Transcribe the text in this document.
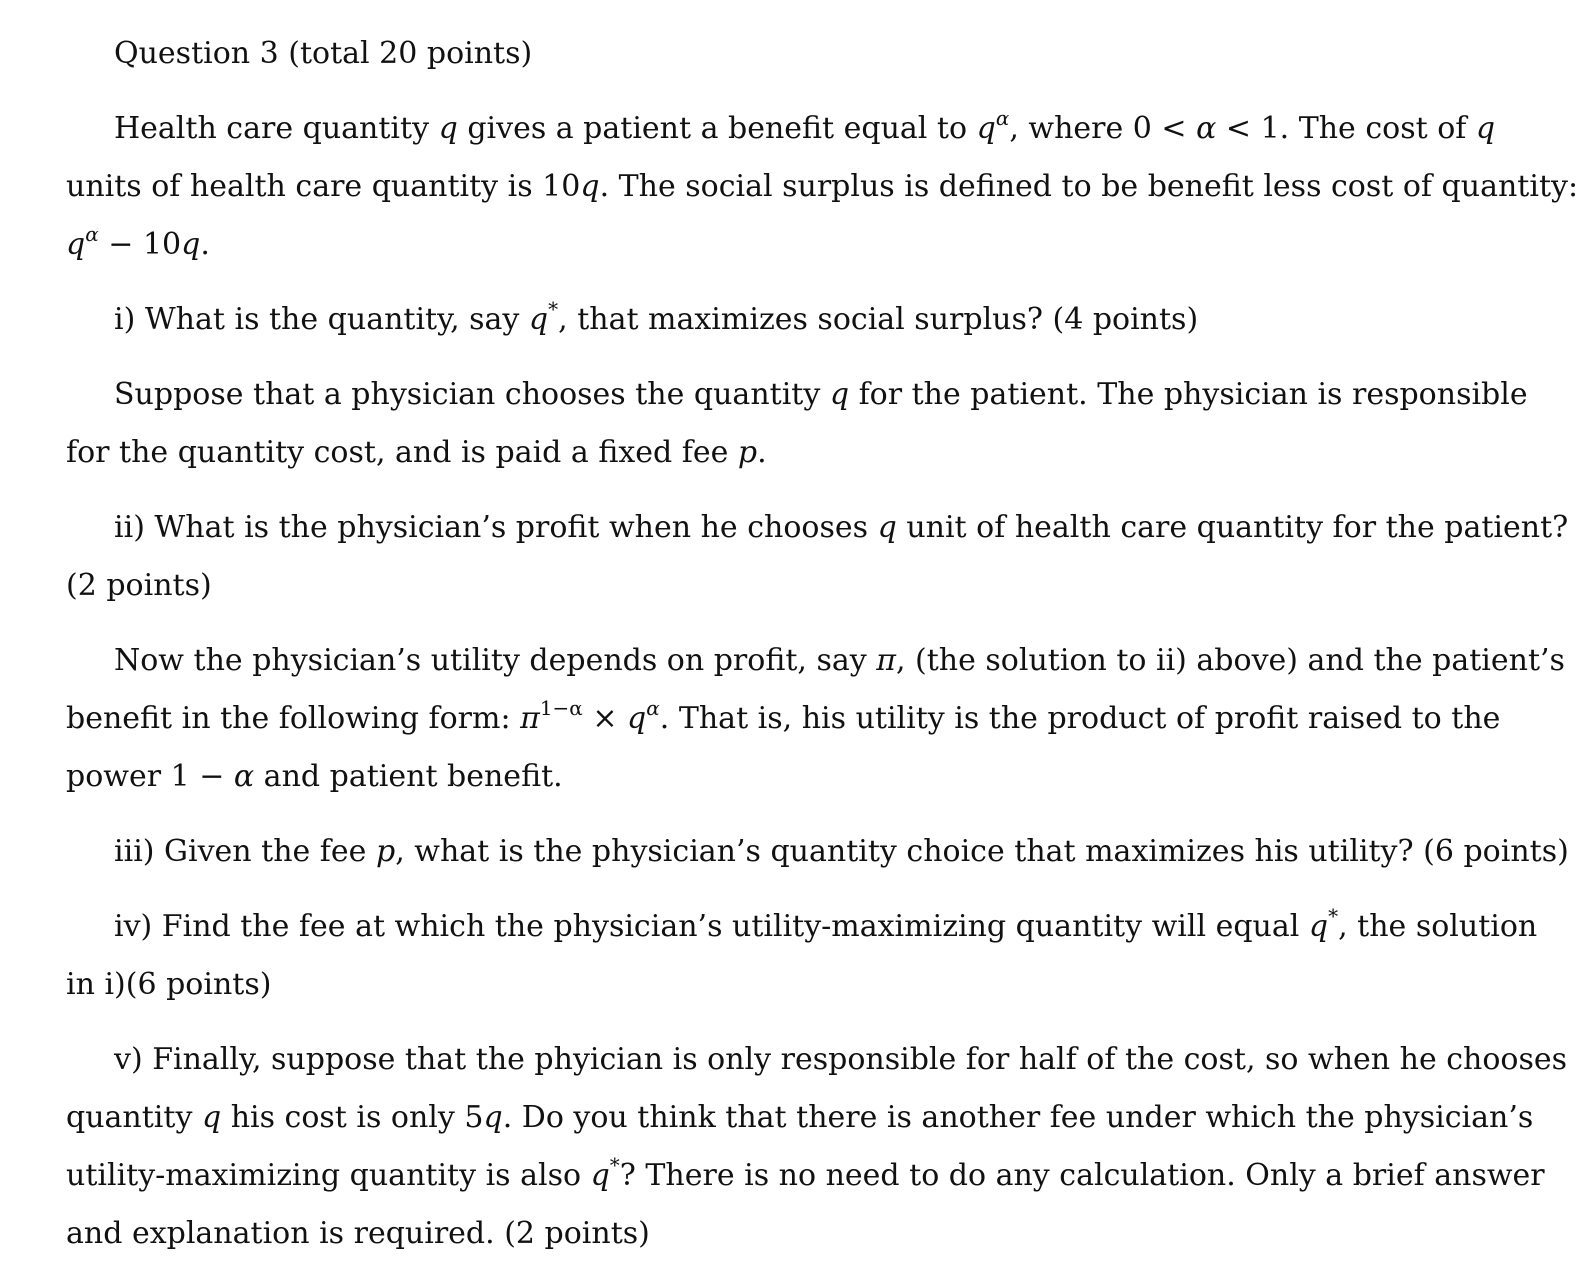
Question 3 (total 20 points)
Health care quantity q gives a patient a benefit equal to $q^\alpha$, where 0 < α < 1. The cost of q
units of health care quantity is 10q. The social surplus is defined to be benefit less cost of quantity:
$q^\alpha - 10q$.
i) What is the quantity, say q*, that maximizes social surplus? (4 points)
Suppose that a physician chooses the quantity q for the patient. The physician is responsible
for the quantity cost, and is paid a fixed fee p.
ii) What is the physician’s profit when he chooses q unit of health care quantity for the patient?
(2 points)
Now the physician’s utility depends on profit, say π, (the solution to ii) above) and the patient’s
benefit in the following form: $\pi^{1-\alpha} \times q^\alpha$. That is, his utility is the product of profit raised to the
power 1 − α and patient benefit.
iii) Given the fee p, what is the physician’s quantity choice that maximizes his utility? (6 points)
iv) Find the fee at which the physician’s utility-maximizing quantity will equal q*, the solution
in i)(6 points)
v) Finally, suppose that the phyician is only responsible for half of the cost, so when he chooses
quantity q his cost is only 5q. Do you think that there is another fee under which the physician’s
utility-maximizing quantity is also q*? There is no need to do any calculation. Only a brief answer
and explanation is required. (2 points)
